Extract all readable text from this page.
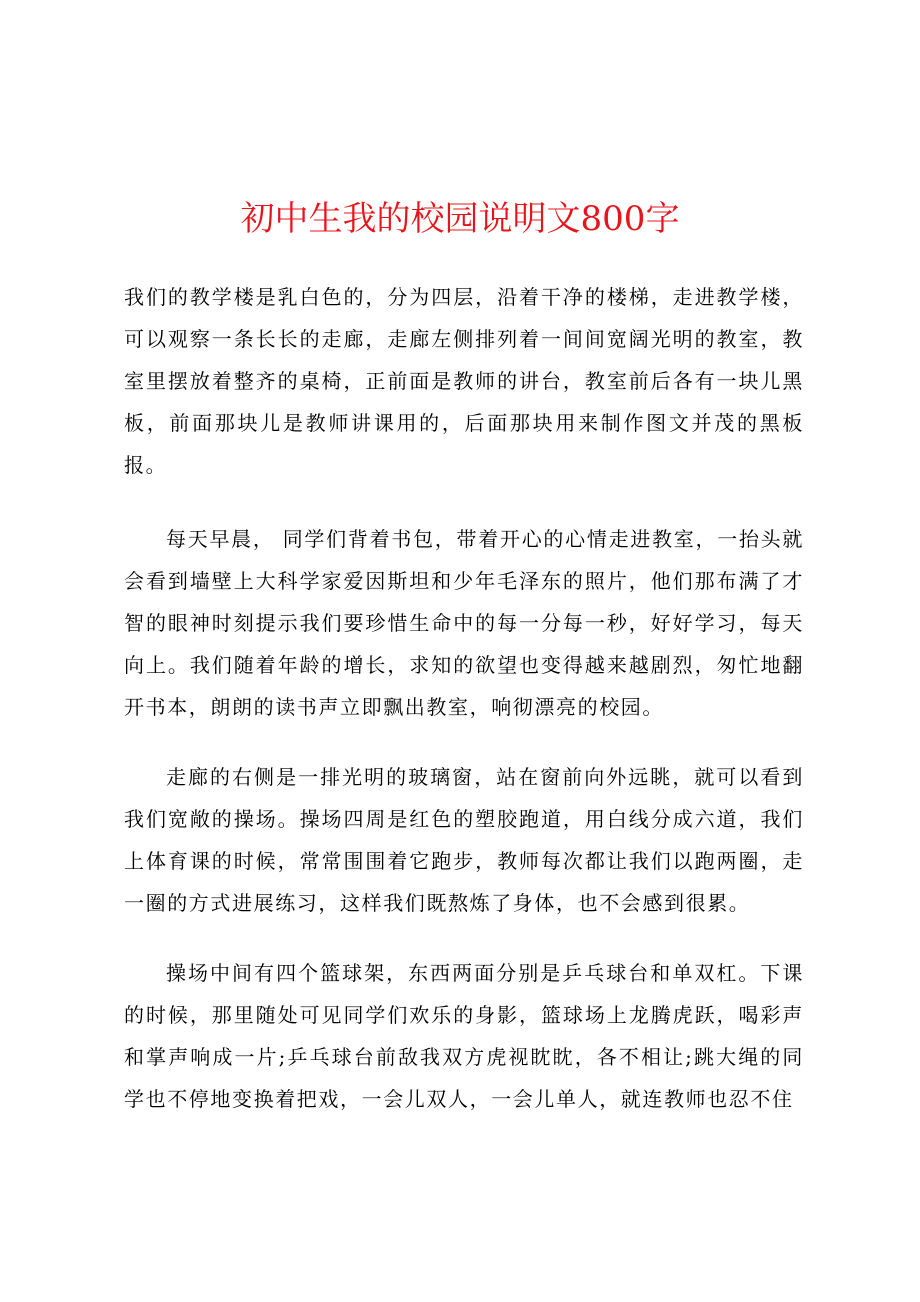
初中生我的校园说明文800字

我们的教学楼是乳白色的，分为四层，沿着干净的楼梯，走进教学楼，可以观察一条长长的走廊，走廊左侧排列着一间间宽阔光明的教室，教室里摆放着整齐的桌椅，正前面是教师的讲台，教室前后各有一块儿黑板，前面那块儿是教师讲课用的，后面那块用来制作图文并茂的黑板报。

每天早晨， 同学们背着书包，带着开心的心情走进教室，一抬头就会看到墙壁上大科学家爱因斯坦和少年毛泽东的照片，他们那布满了才智的眼神时刻提示我们要珍惜生命中的每一分每一秒，好好学习，每天向上。我们随着年龄的增长，求知的欲望也变得越来越剧烈，匆忙地翻开书本，朗朗的读书声立即飘出教室，响彻漂亮的校园。

走廊的右侧是一排光明的玻璃窗，站在窗前向外远眺，就可以看到我们宽敞的操场。操场四周是红色的塑胶跑道，用白线分成六道，我们上体育课的时候，常常围围着它跑步，教师每次都让我们以跑两圈，走一圈的方式进展练习，这样我们既熬炼了身体，也不会感到很累。

操场中间有四个篮球架，东西两面分别是乒乓球台和单双杠。下课的时候，那里随处可见同学们欢乐的身影，篮球场上龙腾虎跃，喝彩声和掌声响成一片;乒乓球台前敌我双方虎视眈眈，各不相让;跳大绳的同学也不停地变换着把戏，一会儿双人，一会儿单人，就连教师也忍不住
